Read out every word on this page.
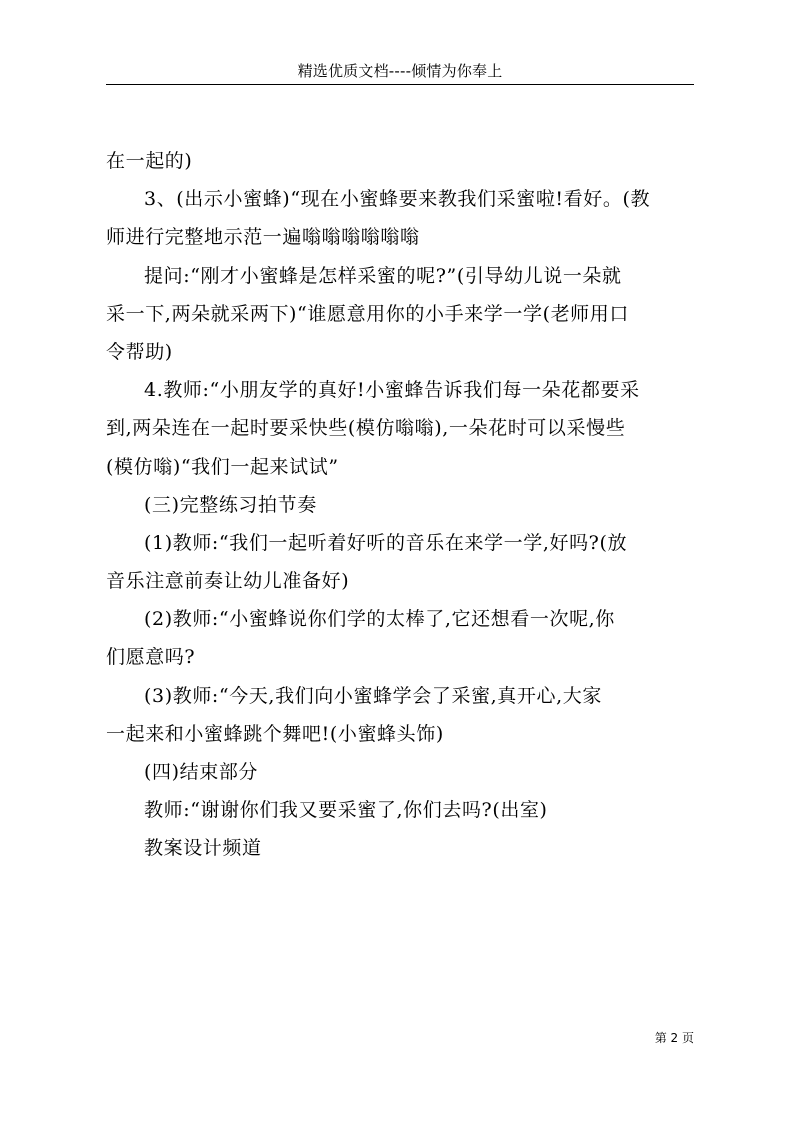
精选优质文档----倾情为你奉上

在一起的)

3、(出示小蜜蜂)“现在小蜜蜂要来教我们采蜜啦!看好。(教

师进行完整地示范一遍嗡嗡嗡嗡嗡嗡

提问:“刚才小蜜蜂是怎样采蜜的呢?”(引导幼儿说一朵就

采一下,两朵就采两下)“谁愿意用你的小手来学一学(老师用口

令帮助)

4.教师:“小朋友学的真好!小蜜蜂告诉我们每一朵花都要采

到,两朵连在一起时要采快些(模仿嗡嗡),一朵花时可以采慢些

(模仿嗡)“我们一起来试试”

(三)完整练习拍节奏

(1)教师:“我们一起听着好听的音乐在来学一学,好吗?(放

音乐注意前奏让幼儿准备好)

(2)教师:“小蜜蜂说你们学的太棒了,它还想看一次呢,你

们愿意吗?

(3)教师:“今天,我们向小蜜蜂学会了采蜜,真开心,大家

一起来和小蜜蜂跳个舞吧!(小蜜蜂头饰)

(四)结束部分

教师:“谢谢你们我又要采蜜了,你们去吗?(出室)

教案设计频道

第 2 页
